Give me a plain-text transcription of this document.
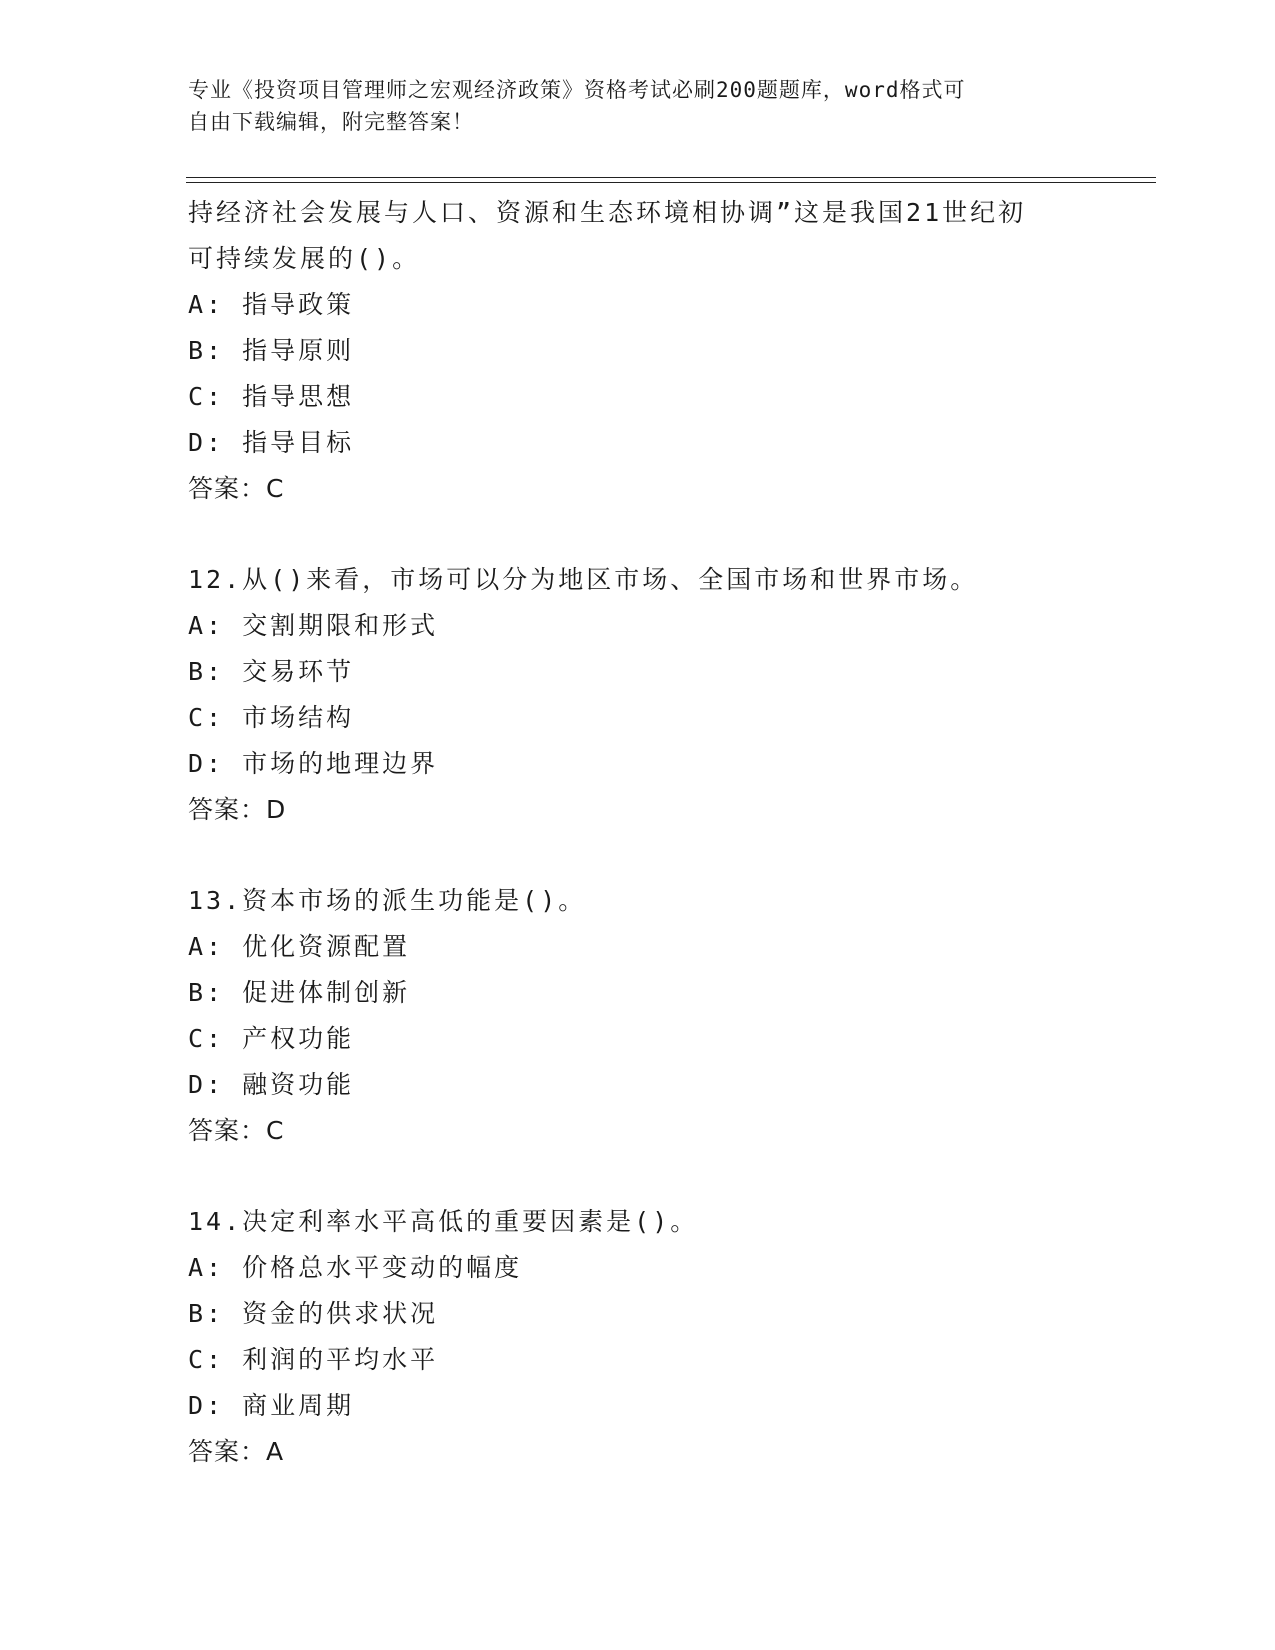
专业《投资项目管理师之宏观经济政策》资格考试必刷200题题库，word格式可
自由下载编辑，附完整答案！
持经济社会发展与人口、资源和生态环境相协调”这是我国21世纪初
可持续发展的()。
A: 指导政策
B: 指导原则
C: 指导思想
D: 指导目标
答案：C
12.从()来看，市场可以分为地区市场、全国市场和世界市场。
A: 交割期限和形式
B: 交易环节
C: 市场结构
D: 市场的地理边界
答案：D
13.资本市场的派生功能是()。
A: 优化资源配置
B: 促进体制创新
C: 产权功能
D: 融资功能
答案：C
14.决定利率水平高低的重要因素是()。
A: 价格总水平变动的幅度
B: 资金的供求状况
C: 利润的平均水平
D: 商业周期
答案：A
